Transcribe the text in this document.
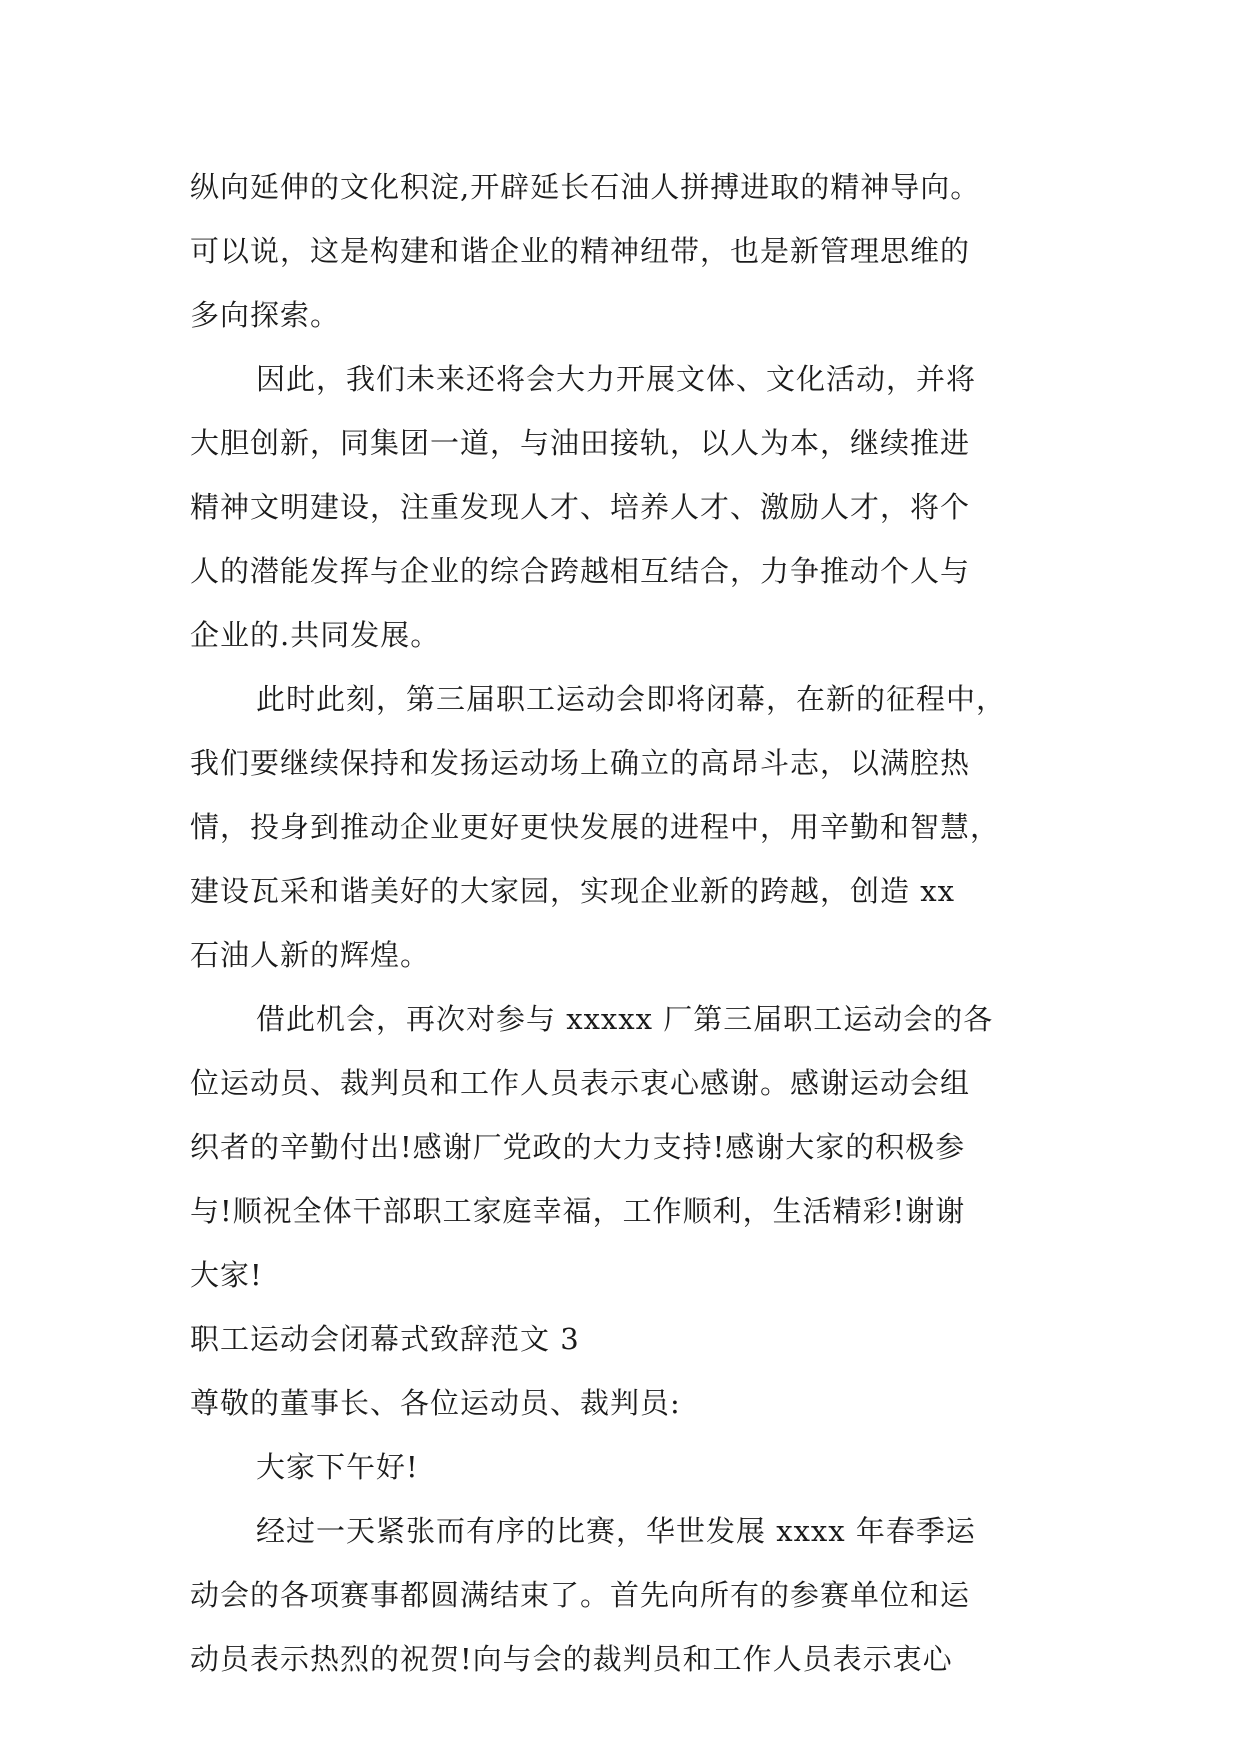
纵向延伸的文化积淀,开辟延长石油人拼搏进取的精神导向。
可以说，这是构建和谐企业的精神纽带，也是新管理思维的
多向探索。
因此，我们未来还将会大力开展文体、文化活动，并将
大胆创新，同集团一道，与油田接轨，以人为本，继续推进
精神文明建设，注重发现人才、培养人才、激励人才，将个
人的潜能发挥与企业的综合跨越相互结合，力争推动个人与
企业的.共同发展。
此时此刻，第三届职工运动会即将闭幕，在新的征程中，
我们要继续保持和发扬运动场上确立的高昂斗志，以满腔热
情，投身到推动企业更好更快发展的进程中，用辛勤和智慧，
建设瓦采和谐美好的大家园，实现企业新的跨越，创造 xx
石油人新的辉煌。
借此机会，再次对参与 xxxxx 厂第三届职工运动会的各
位运动员、裁判员和工作人员表示衷心感谢。感谢运动会组
织者的辛勤付出!感谢厂党政的大力支持!感谢大家的积极参
与!顺祝全体干部职工家庭幸福，工作顺利，生活精彩!谢谢
大家!
职工运动会闭幕式致辞范文 3
尊敬的董事长、各位运动员、裁判员:
大家下午好!
经过一天紧张而有序的比赛，华世发展 xxxx 年春季运
动会的各项赛事都圆满结束了。首先向所有的参赛单位和运
动员表示热烈的祝贺!向与会的裁判员和工作人员表示衷心
